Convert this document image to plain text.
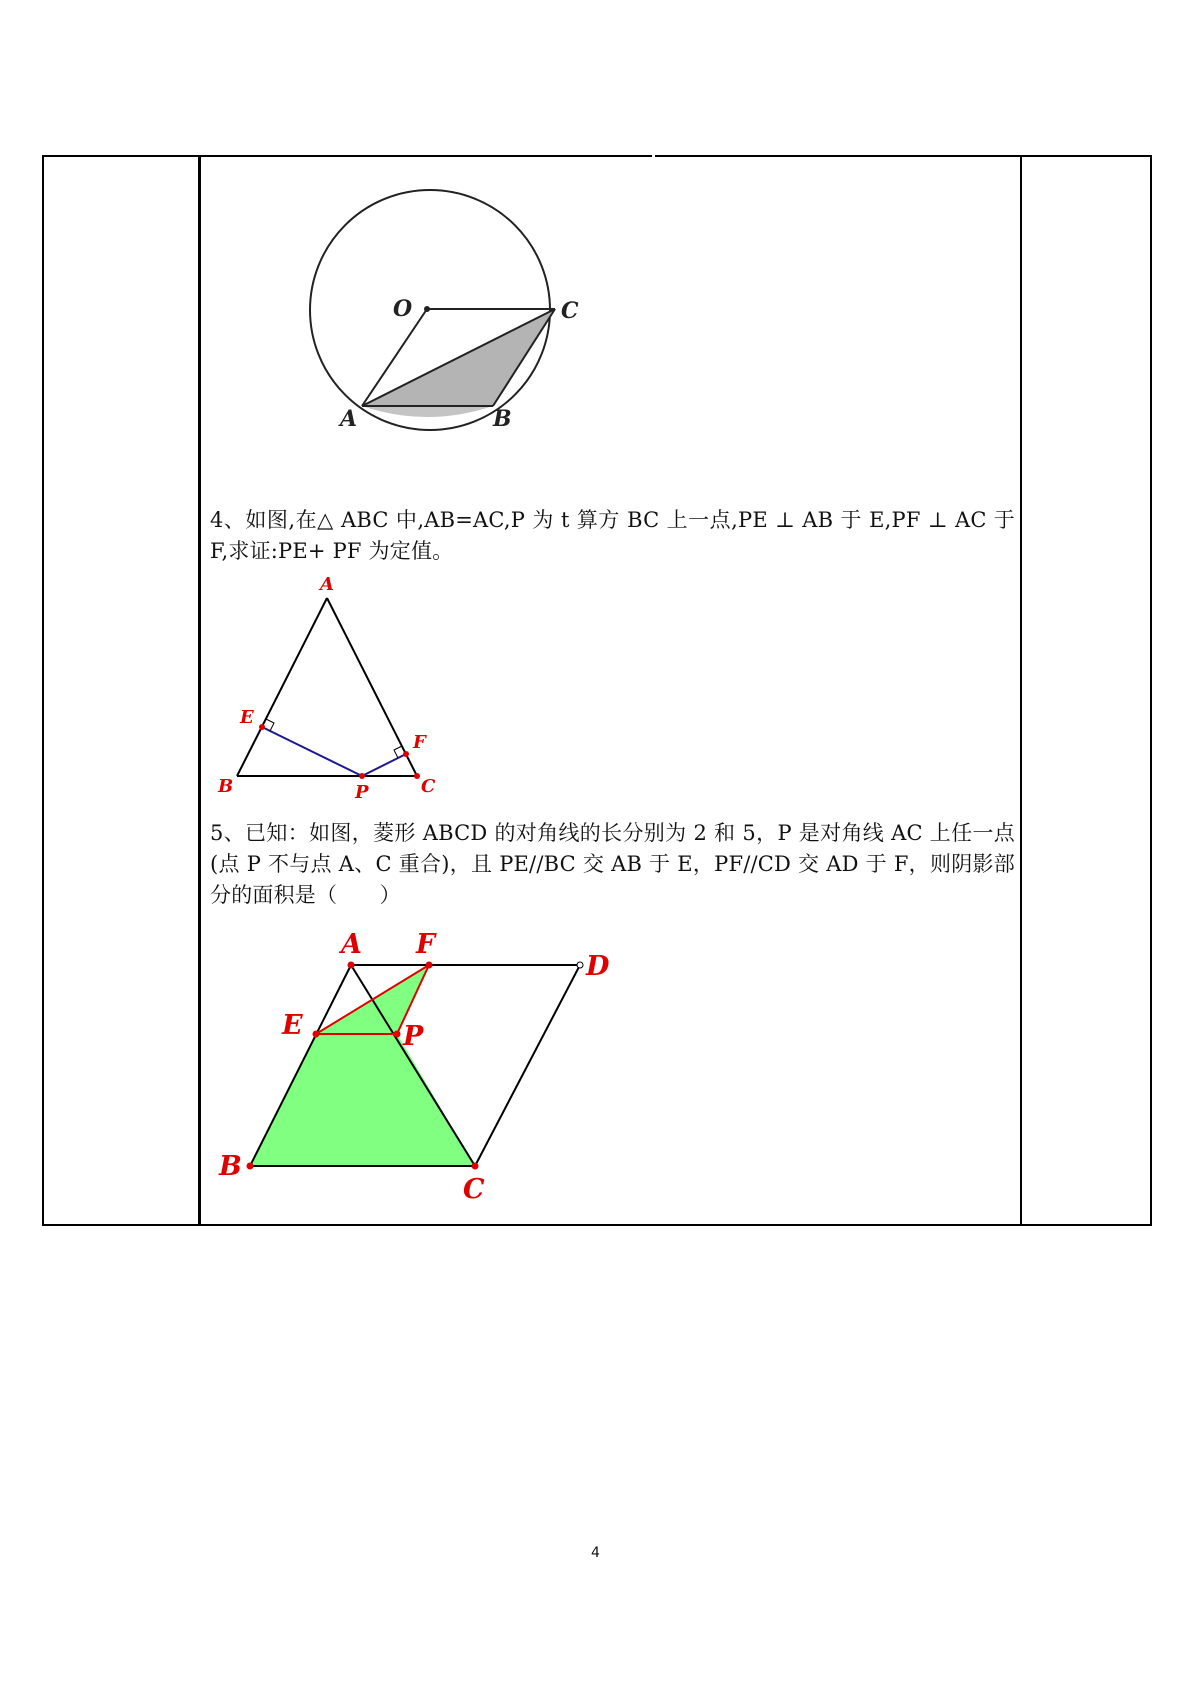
O	C
A	B
4、如图,在△ ABC 中,AB=AC,P 为 t 算方 BC 上一点,PE ⊥ AB 于 E,PF ⊥ AC 于 F,求证:PE+ PF 为定值。
A
E
F
B	P	C
5、已知：如图，菱形 ABCD 的对角线的长分别为 2 和 5，P 是对角线 AC 上任一点(点 P 不与点 A、C 重合)，且 PE//BC 交 AB 于 E，PF//CD 交 AD 于 F，则阴影部分的面积是（　　）
A F
D
E	P
B
C
4
